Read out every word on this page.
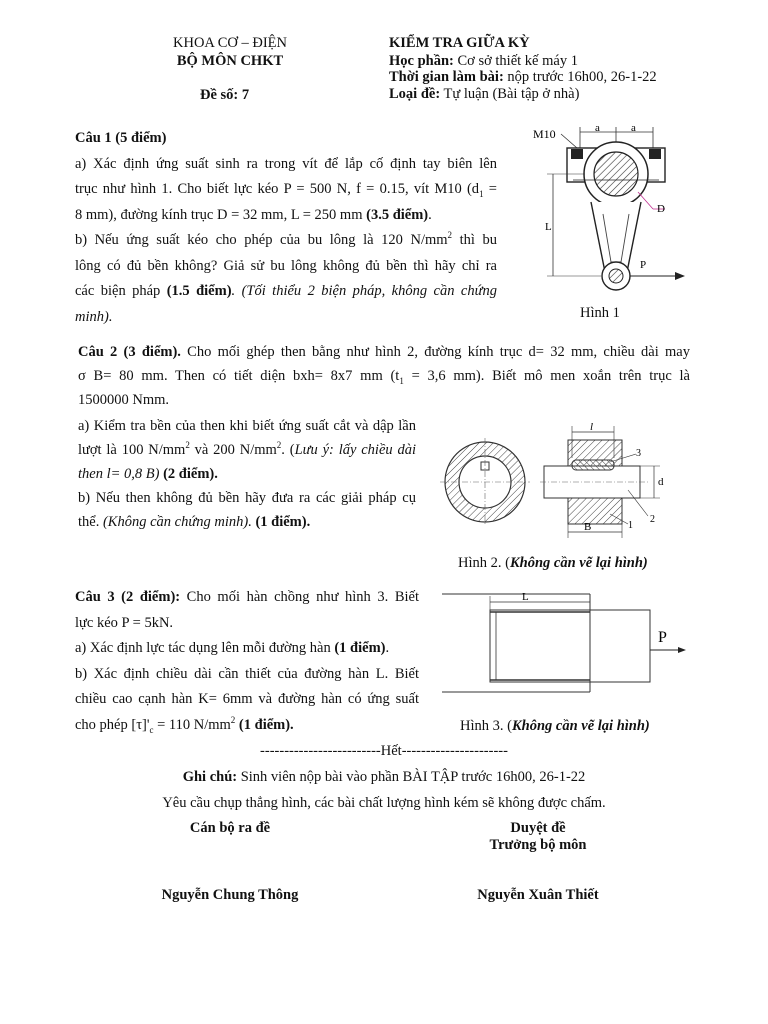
KHOA CƠ – ĐIỆN
BỘ MÔN CHKT
Đề số: 7
KIỂM TRA GIỮA KỲ
Học phần: Cơ sở thiết kế máy 1
Thời gian làm bài: nộp trước 16h00, 26-1-22
Loại đề: Tự luận (Bài tập ở nhà)
Câu 1 (5 điểm)
a) Xác định ứng suất sinh ra trong vít để lắp cố định tay biên lên
trục như hình 1. Cho biết lực kéo P = 500 N, f = 0.15, vít M10 ($d_1$ =
8 mm), đường kính trục D = 32 mm, L = 250 mm (3.5 điểm).
b) Nếu ứng suất kéo cho phép của bu lông là 120 $N/mm^2$ thì bu
lông có đủ bền không? Giả sử bu lông không đủ bền thì hãy chỉ ra
các biện pháp (1.5 điểm). (Tối thiểu 2 biện pháp, không cần chứng
minh).
M10	a	a
D
L
P
Hình 1
Câu 2 (3 điểm). Cho mối ghép then bằng như hình 2, đường kính trục d= 32 mm, chiều dài may
σ B= 80 mm. Then có tiết diện bxh= 8x7 mm ($t_1 = 3,6$ mm). Biết mô men xoắn trên trục là
1500000 Nmm.
a) Kiểm tra bền của then khi biết ứng suất cắt và dập lần
lượt là 100 $N/mm^2$ và 200 $N/mm^2$. (Lưu ý: lấy chiều dài
then l= 0,8 B) (2 điểm).
b) Nếu then không đủ bền hãy đưa ra các giải pháp cụ
thể. (Không cần chứng minh). (1 điểm).
l
B
d
3
1
2
Hình 2. (Không cần vẽ lại hình)
Câu 3 (2 điểm): Cho mối hàn chồng như hình 3. Biết
lực kéo P = 5kN.
a) Xác định lực tác dụng lên mỗi đường hàn (1 điểm).
b) Xác định chiều dài cần thiết của đường hàn L. Biết
chiều cao cạnh hàn K= 6mm và đường hàn có ứng suất
cho phép $[\tau]'_c = 110$ $N/mm^2$ (1 điểm).
L
P
Hình 3. (Không cần vẽ lại hình)
-------------------------Hết----------------------
Ghi chú: Sinh viên nộp bài vào phần BÀI TẬP trước 16h00, 26-1-22
Yêu cầu chụp thẳng hình, các bài chất lượng hình kém sẽ không được chấm.
Cán bộ ra đề	Duyệt đề
Trưởng bộ môn
Nguyễn Chung Thông	Nguyễn Xuân Thiết
